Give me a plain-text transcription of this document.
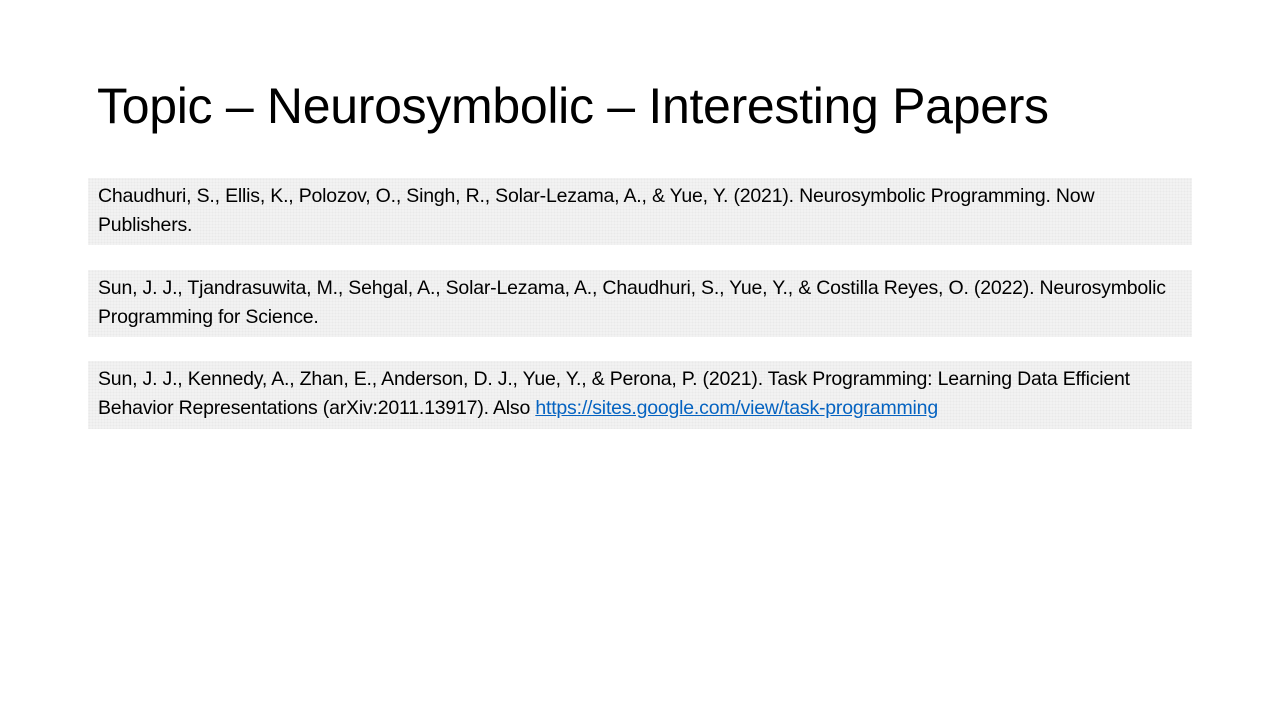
Topic – Neurosymbolic – Interesting Papers
Chaudhuri, S., Ellis, K., Polozov, O., Singh, R., Solar-Lezama, A., & Yue, Y. (2021). Neurosymbolic Programming. Now Publishers.
Sun, J. J., Tjandrasuwita, M., Sehgal, A., Solar-Lezama, A., Chaudhuri, S., Yue, Y., & Costilla Reyes, O. (2022). Neurosymbolic Programming for Science.
Sun, J. J., Kennedy, A., Zhan, E., Anderson, D. J., Yue, Y., & Perona, P. (2021). Task Programming: Learning Data Efficient Behavior Representations (arXiv:2011.13917). Also https://sites.google.com/view/task-programming
